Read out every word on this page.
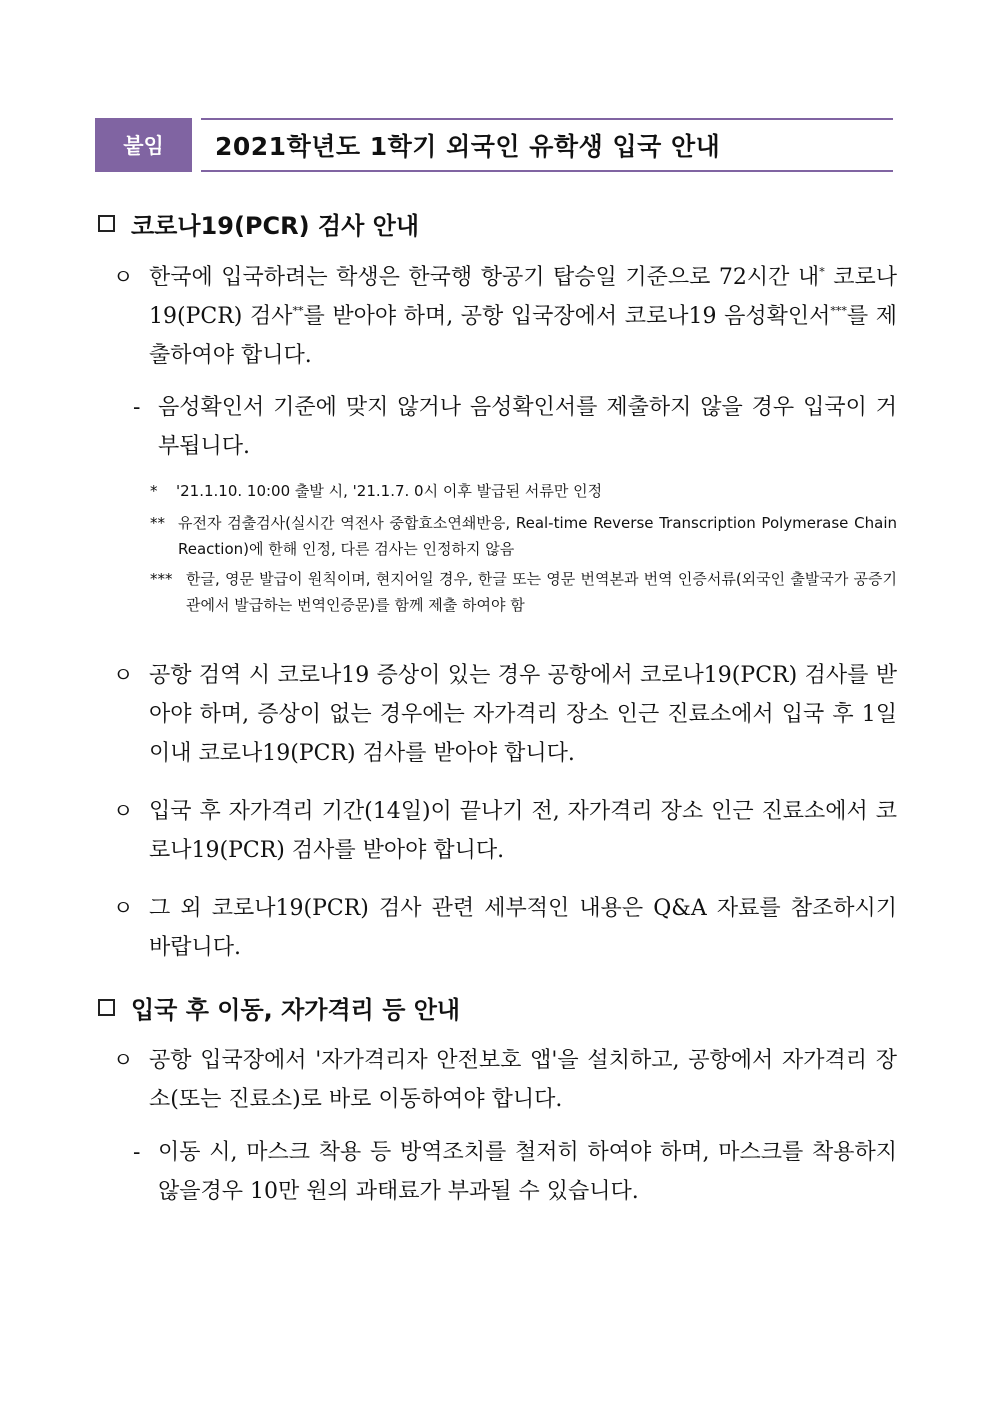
붙임	2021학년도 1학기 외국인 유학생 입국 안내
코로나19(PCR) 검사 안내
ㅇ 한국에 입국하려는 학생은 한국행 항공기 탑승일 기준으로 72시간 내* 코로나19(PCR) 검사**를 받아야 하며, 공항 입국장에서 코로나19 음성확인서***를 제출하여야 합니다.
- 음성확인서 기준에 맞지 않거나 음성확인서를 제출하지 않을 경우 입국이 거부됩니다.
* '21.1.10. 10:00 출발 시, '21.1.7. 0시 이후 발급된 서류만 인정
** 유전자 검출검사(실시간 역전사 중합효소연쇄반응, Real-time Reverse Transcription Polymerase Chain Reaction)에 한해 인정, 다른 검사는 인정하지 않음
*** 한글, 영문 발급이 원칙이며, 현지어일 경우, 한글 또는 영문 번역본과 번역 인증서류(외국인 출발국가 공증기관에서 발급하는 번역인증문)를 함께 제출 하여야 함
ㅇ 공항 검역 시 코로나19 증상이 있는 경우 공항에서 코로나19(PCR) 검사를 받아야 하며, 증상이 없는 경우에는 자가격리 장소 인근 진료소에서 입국 후 1일 이내 코로나19(PCR) 검사를 받아야 합니다.
ㅇ 입국 후 자가격리 기간(14일)이 끝나기 전, 자가격리 장소 인근 진료소에서 코로나19(PCR) 검사를 받아야 합니다.
ㅇ 그 외 코로나19(PCR) 검사 관련 세부적인 내용은 Q&A 자료를 참조하시기 바랍니다.
입국 후 이동, 자가격리 등 안내
ㅇ 공항 입국장에서 '자가격리자 안전보호 앱'을 설치하고, 공항에서 자가격리 장소(또는 진료소)로 바로 이동하여야 합니다.
- 이동 시, 마스크 착용 등 방역조치를 철저히 하여야 하며, 마스크를 착용하지 않을경우 10만 원의 과태료가 부과될 수 있습니다.
